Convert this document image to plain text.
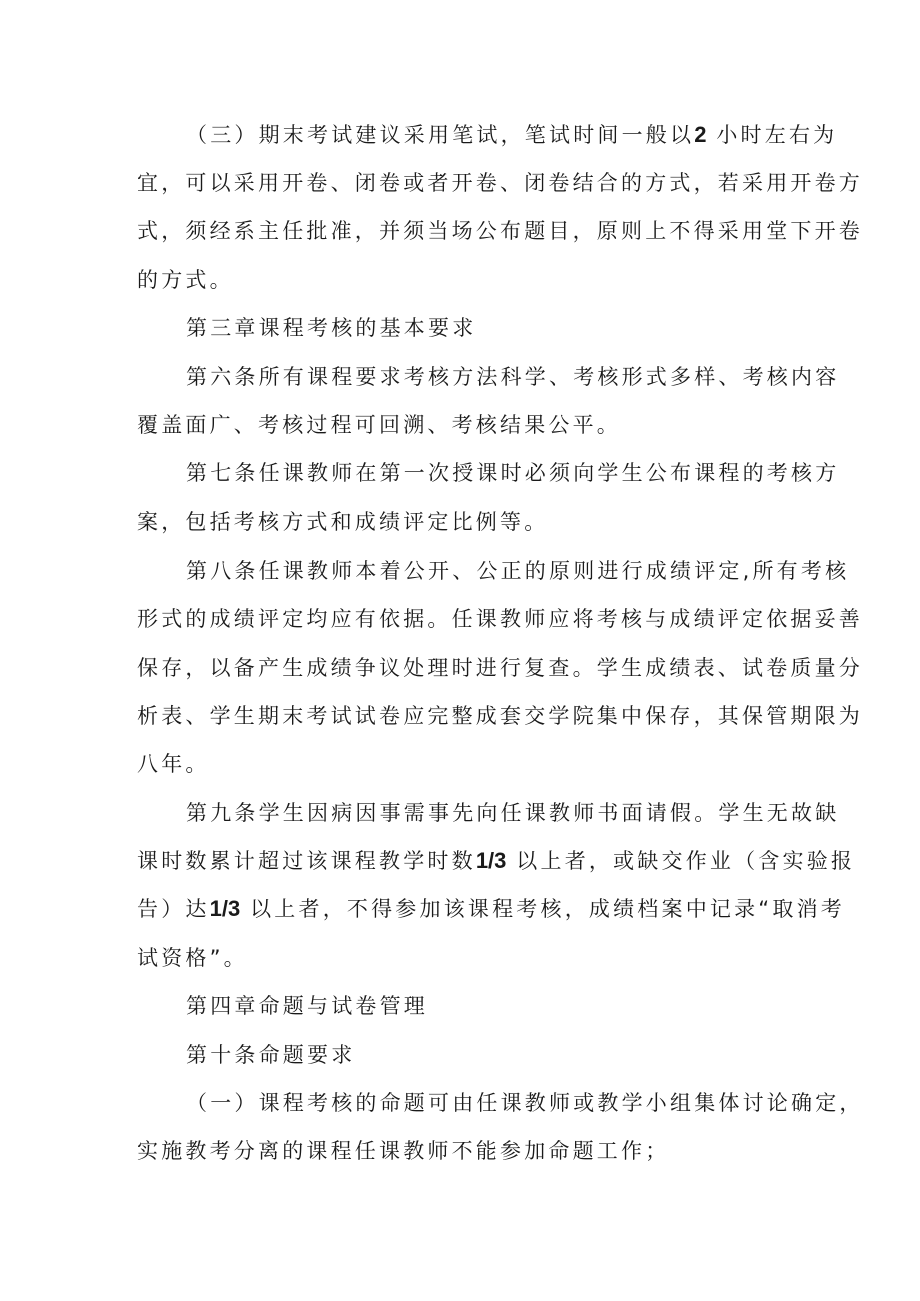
（三）期末考试建议采用笔试，笔试时间一般以2 小时左右为
宜，可以采用开卷、闭卷或者开卷、闭卷结合的方式，若采用开卷方
式，须经系主任批准，并须当场公布题目，原则上不得采用堂下开卷
的方式。
第三章课程考核的基本要求
第六条所有课程要求考核方法科学、考核形式多样、考核内容
覆盖面广、考核过程可回溯、考核结果公平。
第七条任课教师在第一次授课时必须向学生公布课程的考核方
案，包括考核方式和成绩评定比例等。
第八条任课教师本着公开、公正的原则进行成绩评定,所有考核
形式的成绩评定均应有依据。任课教师应将考核与成绩评定依据妥善
保存，以备产生成绩争议处理时进行复查。学生成绩表、试卷质量分
析表、学生期末考试试卷应完整成套交学院集中保存，其保管期限为
八年。
第九条学生因病因事需事先向任课教师书面请假。学生无故缺
课时数累计超过该课程教学时数1/3 以上者，或缺交作业（含实验报
告）达1/3 以上者，不得参加该课程考核，成绩档案中记录“取消考
试资格”。
第四章命题与试卷管理
第十条命题要求
（一）课程考核的命题可由任课教师或教学小组集体讨论确定，
实施教考分离的课程任课教师不能参加命题工作；
